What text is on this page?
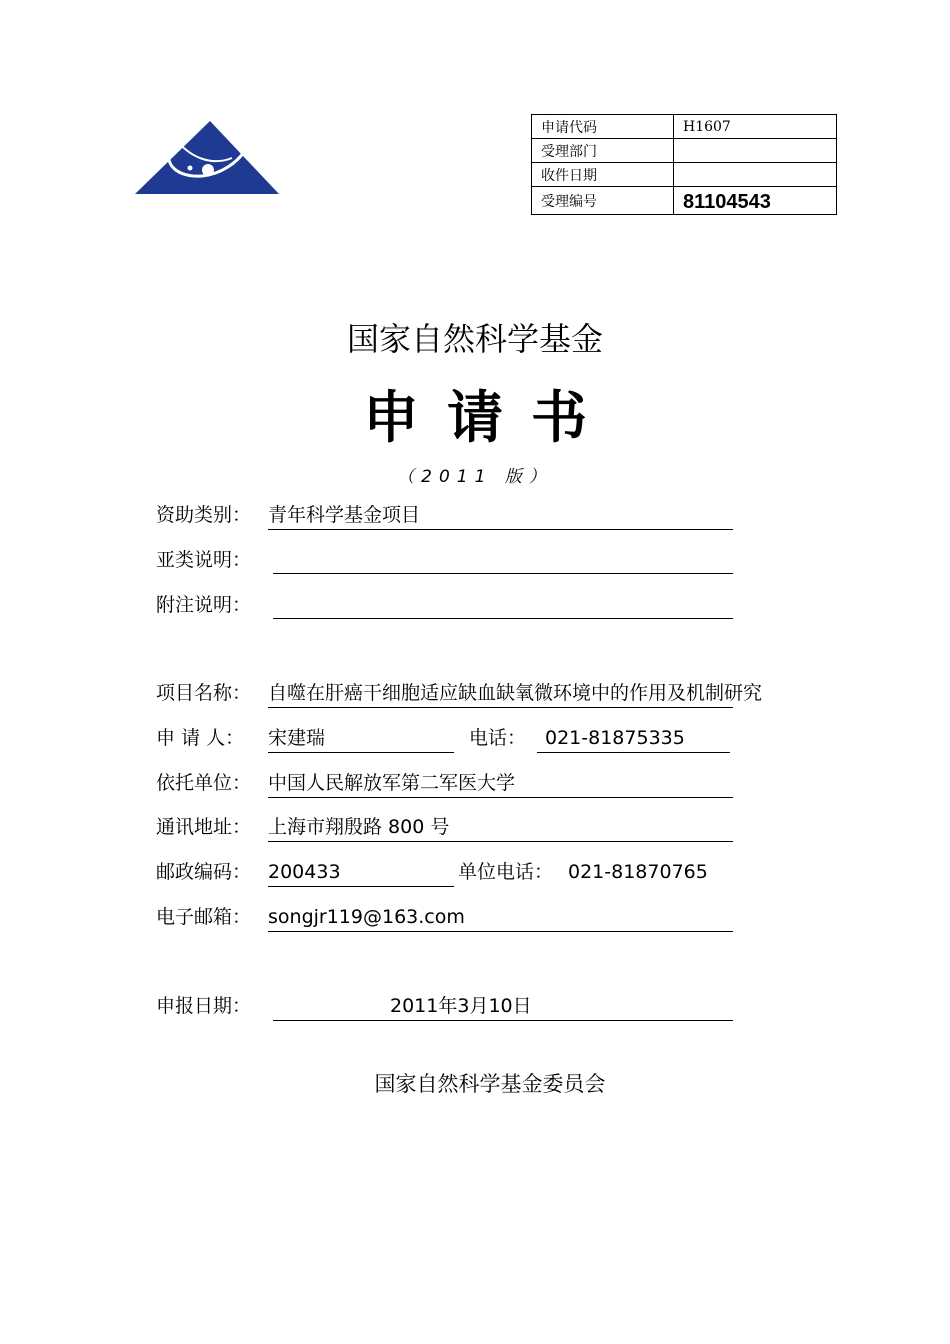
申请代码	H1607
受理部门	
收件日期	
受理编号	81104543
国家自然科学基金
申请书
（2011 版）
资助类别： 青年科学基金项目
亚类说明：
附注说明：
项目名称： 自噬在肝癌干细胞适应缺血缺氧微环境中的作用及机制研究
申 请 人： 宋建瑞	电话： 021-81875335
依托单位： 中国人民解放军第二军医大学
通讯地址： 上海市翔殷路 800 号
邮政编码： 200433	单位电话： 021-81870765
电子邮箱： songjr119@163.com
申报日期：	2011年3月10日
国家自然科学基金委员会
